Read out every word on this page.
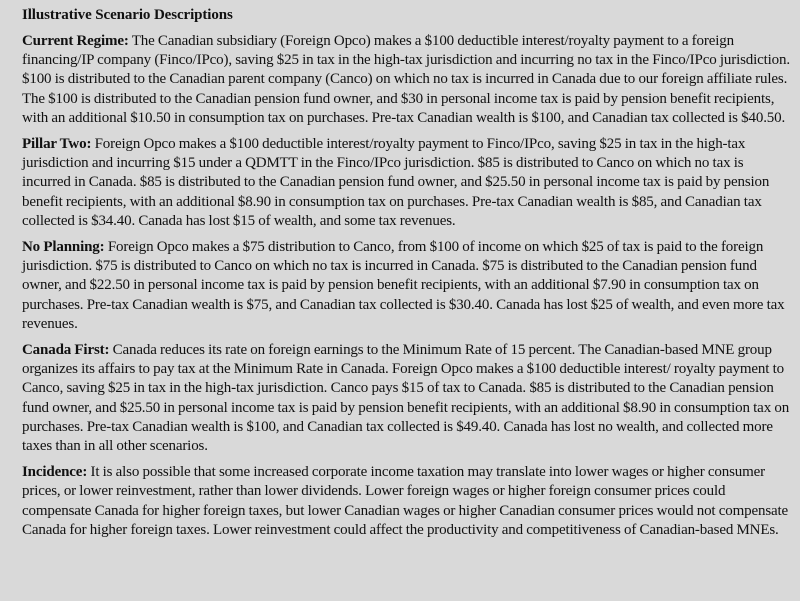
Illustrative Scenario Descriptions

Current Regime: The Canadian subsidiary (Foreign Opco) makes a $100 deductible interest/royalty payment to a foreign financing/IP company (Finco/IPco), saving $25 in tax in the high-tax jurisdiction and incurring no tax in the Finco/IPco jurisdiction. $100 is distributed to the Canadian parent company (Canco) on which no tax is incurred in Canada due to our foreign affiliate rules. The $100 is distributed to the Canadian pension fund owner, and $30 in personal income tax is paid by pension benefit recipients, with an additional $10.50 in consumption tax on purchases. Pre-tax Canadian wealth is $100, and Canadian tax collected is $40.50.

Pillar Two: Foreign Opco makes a $100 deductible interest/royalty payment to Finco/IPco, saving $25 in tax in the high-tax jurisdiction and incurring $15 under a QDMTT in the Finco/IPco jurisdiction. $85 is distributed to Canco on which no tax is incurred in Canada. $85 is distributed to the Canadian pension fund owner, and $25.50 in personal income tax is paid by pension benefit recipients, with an additional $8.90 in consumption tax on purchases. Pre-tax Canadian wealth is $85, and Canadian tax collected is $34.40. Canada has lost $15 of wealth, and some tax revenues.

No Planning: Foreign Opco makes a $75 distribution to Canco, from $100 of income on which $25 of tax is paid to the foreign jurisdiction. $75 is distributed to Canco on which no tax is incurred in Canada. $75 is distributed to the Canadian pension fund owner, and $22.50 in personal income tax is paid by pension benefit recipients, with an additional $7.90 in consumption tax on purchases. Pre-tax Canadian wealth is $75, and Canadian tax collected is $30.40. Canada has lost $25 of wealth, and even more tax revenues.

Canada First: Canada reduces its rate on foreign earnings to the Minimum Rate of 15 percent. The Canadian-based MNE group organizes its affairs to pay tax at the Minimum Rate in Canada. Foreign Opco makes a $100 deductible interest/ royalty payment to Canco, saving $25 in tax in the high-tax jurisdiction. Canco pays $15 of tax to Canada. $85 is distributed to the Canadian pension fund owner, and $25.50 in personal income tax is paid by pension benefit recipients, with an additional $8.90 in consumption tax on purchases. Pre-tax Canadian wealth is $100, and Canadian tax collected is $49.40. Canada has lost no wealth, and collected more taxes than in all other scenarios.

Incidence: It is also possible that some increased corporate income taxation may translate into lower wages or higher consumer prices, or lower reinvestment, rather than lower dividends. Lower foreign wages or higher foreign consumer prices could compensate Canada for higher foreign taxes, but lower Canadian wages or higher Canadian consumer prices would not compensate Canada for higher foreign taxes. Lower reinvestment could affect the productivity and competitiveness of Canadian-based MNEs.
